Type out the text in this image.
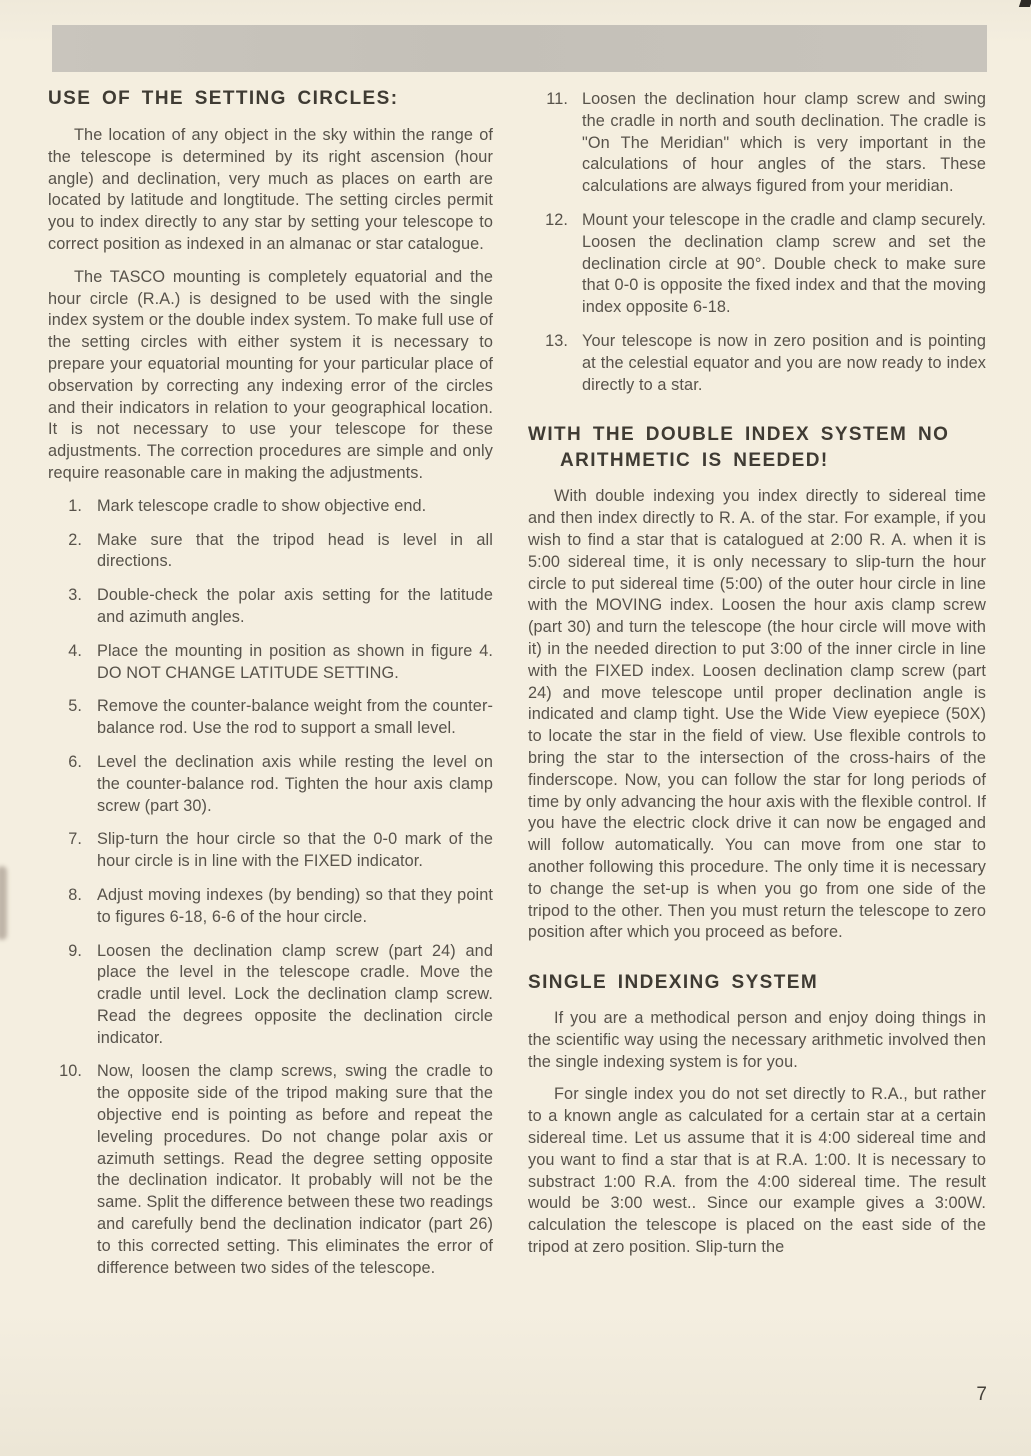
USE OF THE SETTING CIRCLES:

The location of any object in the sky within the range of the telescope is determined by its right ascension (hour angle) and declination, very much as places on earth are located by latitude and longtitude. The setting circles permit you to index directly to any star by setting your telescope to correct position as indexed in an almanac or star catalogue.

The TASCO mounting is completely equatorial and the hour circle (R.A.) is designed to be used with the single index system or the double index system. To make full use of the setting circles with either system it is necessary to prepare your equatorial mounting for your particular place of observation by correcting any indexing error of the circles and their indicators in relation to your geographical location. It is not necessary to use your telescope for these adjustments. The correction procedures are simple and only require reasonable care in making the adjustments.

1. Mark telescope cradle to show objective end.
2. Make sure that the tripod head is level in all directions.
3. Double-check the polar axis setting for the latitude and azimuth angles.
4. Place the mounting in position as shown in figure 4. DO NOT CHANGE LATITUDE SETTING.
5. Remove the counter-balance weight from the counter-balance rod. Use the rod to support a small level.
6. Level the declination axis while resting the level on the counter-balance rod. Tighten the hour axis clamp screw (part 30).
7. Slip-turn the hour circle so that the 0-0 mark of the hour circle is in line with the FIXED indicator.
8. Adjust moving indexes (by bending) so that they point to figures 6-18, 6-6 of the hour circle.
9. Loosen the declination clamp screw (part 24) and place the level in the telescope cradle. Move the cradle until level. Lock the declination clamp screw. Read the degrees opposite the declination circle indicator.
10. Now, loosen the clamp screws, swing the cradle to the opposite side of the tripod making sure that the objective end is pointing as before and repeat the leveling procedures. Do not change polar axis or azimuth settings. Read the degree setting opposite the declination indicator. It probably will not be the same. Split the difference between these two readings and carefully bend the declination indicator (part 26) to this corrected setting. This eliminates the error of difference between two sides of the telescope.
11. Loosen the declination hour clamp screw and swing the cradle in north and south declination. The cradle is "On The Meridian" which is very important in the calculations of hour angles of the stars. These calculations are always figured from your meridian.
12. Mount your telescope in the cradle and clamp securely. Loosen the declination clamp screw and set the declination circle at 90°. Double check to make sure that 0-0 is opposite the fixed index and that the moving index opposite 6-18.
13. Your telescope is now in zero position and is pointing at the celestial equator and you are now ready to index directly to a star.
WITH THE DOUBLE INDEX SYSTEM NO
ARITHMETIC IS NEEDED!

With double indexing you index directly to sidereal time and then index directly to R. A. of the star. For example, if you wish to find a star that is catalogued at 2:00 R. A. when it is 5:00 sidereal time, it is only necessary to slip-turn the hour circle to put sidereal time (5:00) of the outer hour circle in line with the MOVING index. Loosen the hour axis clamp screw (part 30) and turn the telescope (the hour circle will move with it) in the needed direction to put 3:00 of the inner circle in line with the FIXED index. Loosen declination clamp screw (part 24) and move telescope until proper declination angle is indicated and clamp tight. Use the Wide View eyepiece (50X) to locate the star in the field of view. Use flexible controls to bring the star to the intersection of the cross-hairs of the finderscope. Now, you can follow the star for long periods of time by only advancing the hour axis with the flexible control. If you have the electric clock drive it can now be engaged and will follow automatically. You can move from one star to another following this procedure. The only time it is necessary to change the set-up is when you go from one side of the tripod to the other. Then you must return the telescope to zero position after which you proceed as before.

SINGLE INDEXING SYSTEM

If you are a methodical person and enjoy doing things in the scientific way using the necessary arithmetic involved then the single indexing system is for you.

For single index you do not set directly to R.A., but rather to a known angle as calculated for a certain star at a certain sidereal time. Let us assume that it is 4:00 sidereal time and you want to find a star that is at R.A. 1:00. It is necessary to substract 1:00 R.A. from the 4:00 sidereal time. The result would be 3:00 west.. Since our example gives a 3:00W. calculation the telescope is placed on the east side of the tripod at zero position. Slip-turn the

7
